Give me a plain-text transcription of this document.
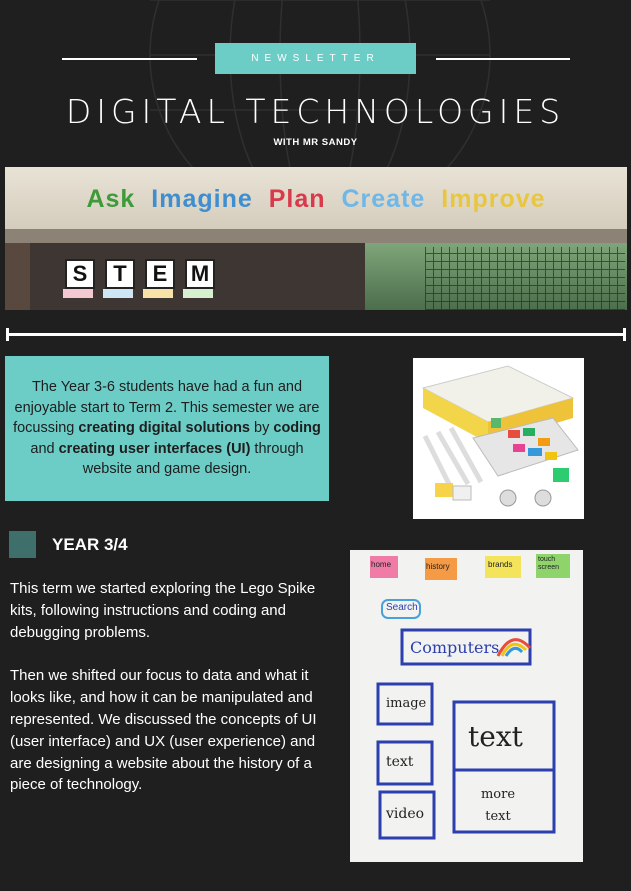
NEWSLETTER
DIGITAL TECHNOLOGIES
WITH MR SANDY
Ask Imagine Plan Create Improve
S	T	E	M
The Year 3-6 students have had a fun and enjoyable start to Term 2. This semester we are focussing creating digital solutions by coding and creating user interfaces (UI) through website and game design.
YEAR 3/4

This term we started exploring the Lego Spike kits, following instructions and coding and debugging problems.

Then we shifted our focus to data and what it looks like, and how it can be manipulated and represented. We discussed the concepts of UI (user interface) and UX (user experience) and are designing a website about the history of a piece of technology.

home	history	brands
touch screen
Search
Computers
image
text
video
text
more text
